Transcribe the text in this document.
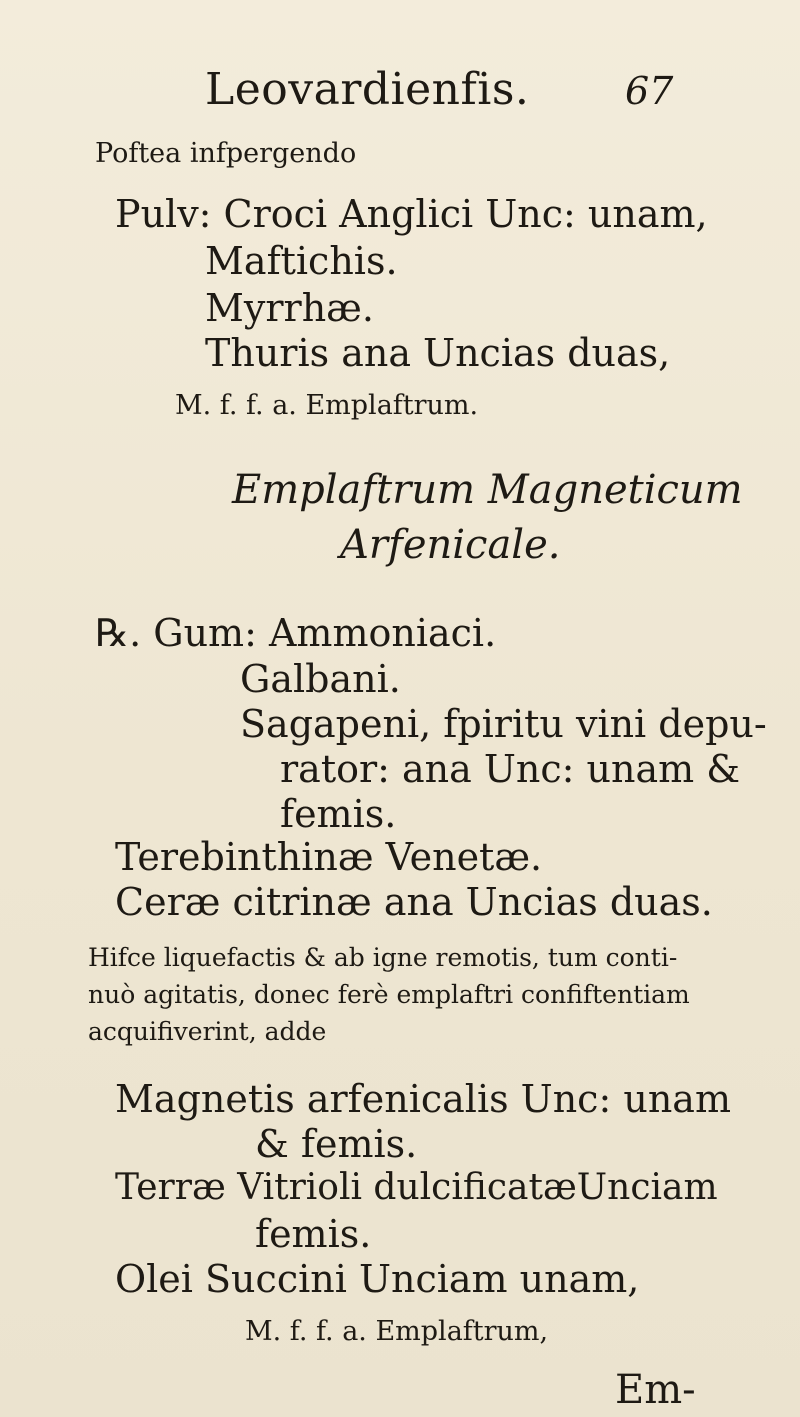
Leovardienfis.	67
Poftea infpergendo
Pulv: Croci Anglici Unc: unam,
Maftichis.
Myrrhæ.
Thuris ana Uncias duas,
M. f. f. a. Emplaftrum.
Emplaftrum Magneticum
Arfenicale.
℞. Gum: Ammoniaci.
Galbani.
Sagapeni, fpiritu vini depu-
rator: ana Unc: unam &
femis.
Terebinthinæ Venetæ.
Ceræ citrinæ ana Uncias duas.
Hifce liquefactis & ab igne remotis, tum conti-
nuò agitatis, donec ferè emplaftri confiftentiam
acquifiverint, adde
Magnetis arfenicalis Unc: unam
& femis.
Terræ Vitrioli dulcificatæUnciam
femis.
Olei Succini Unciam unam,
M. f. f. a. Emplaftrum,
Em-
